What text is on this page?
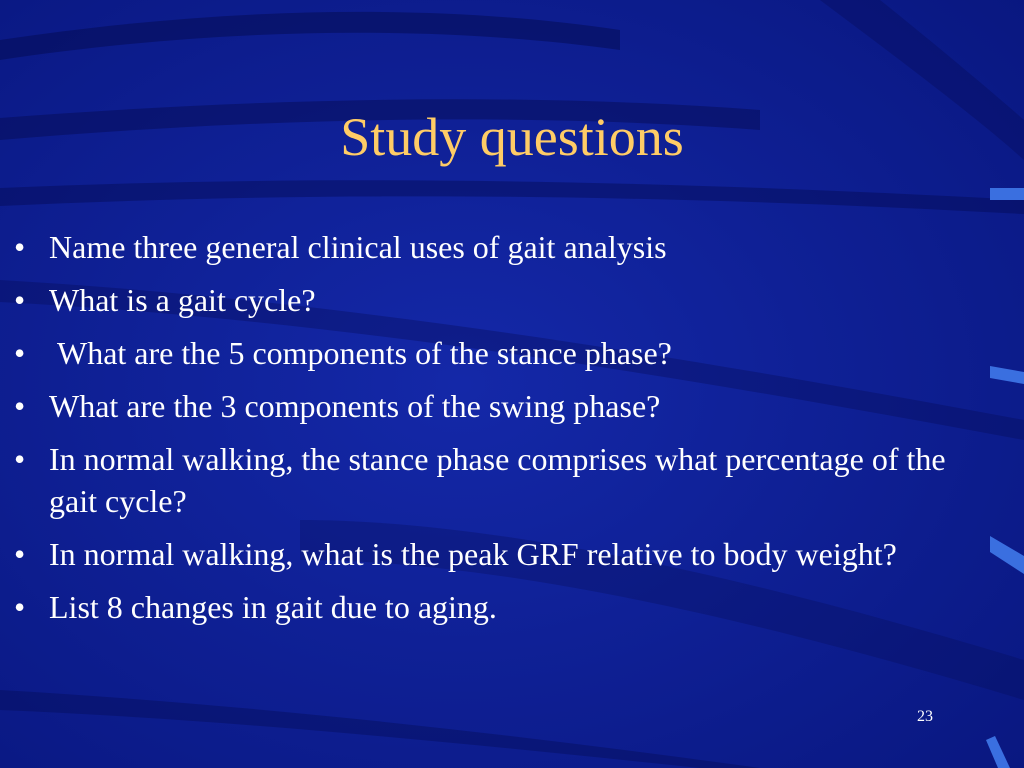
Study questions
• Name three general clinical uses of gait analysis
• What is a gait cycle?
• What are the 5 components of the stance phase?
• What are the 3 components of the swing phase?
• In normal walking, the stance phase comprises what percentage of the gait cycle?
• In normal walking, what is the peak GRF relative to body weight?
• List 8 changes in gait due to aging.
23
